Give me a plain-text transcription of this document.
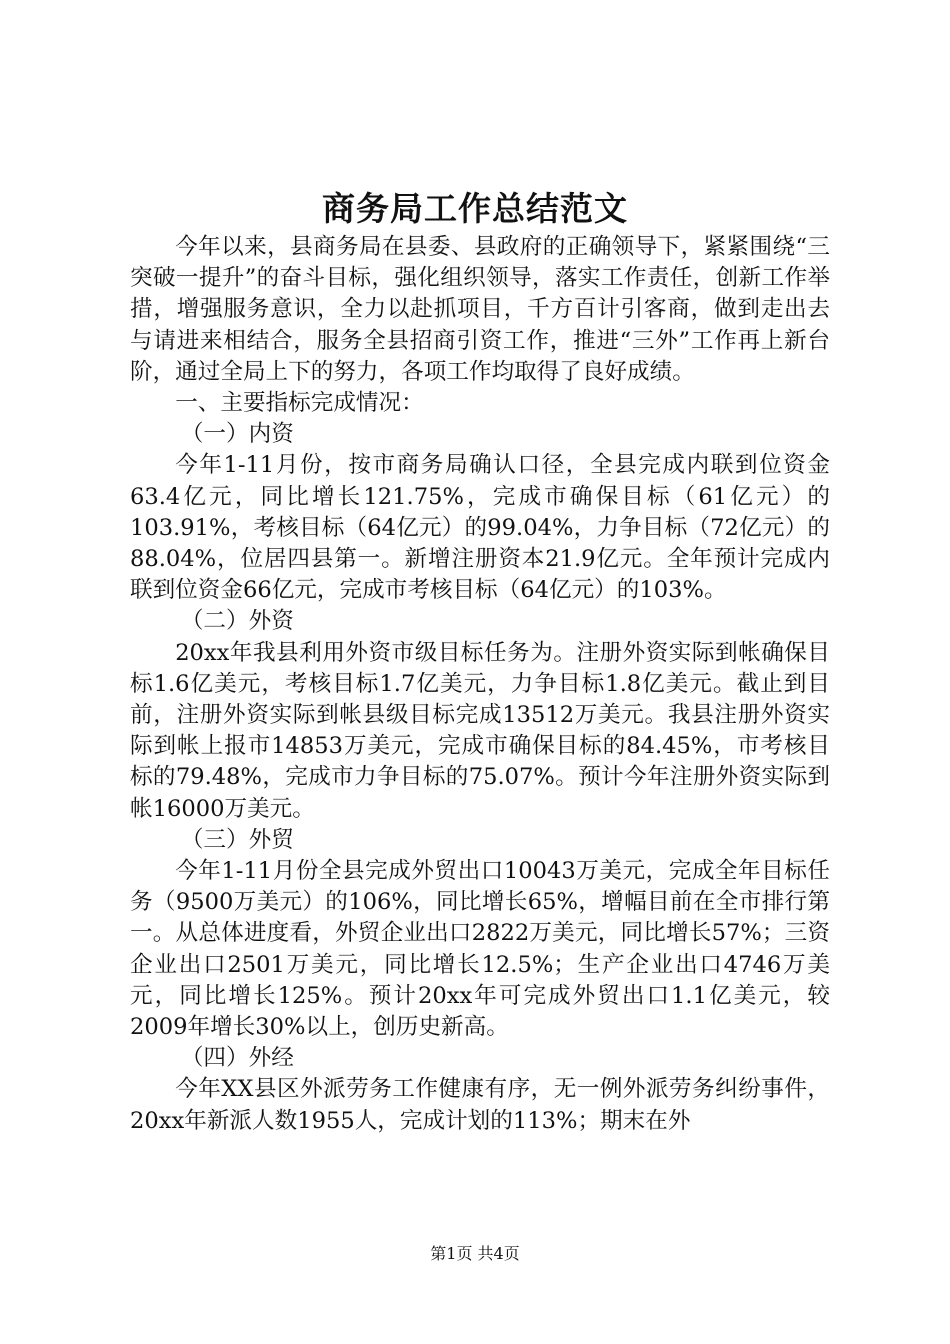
商务局工作总结范文

今年以来，县商务局在县委、县政府的正确领导下，紧紧围绕“三突破一提升”的奋斗目标，强化组织领导，落实工作责任，创新工作举措，增强服务意识，全力以赴抓项目，千方百计引客商，做到走出去与请进来相结合，服务全县招商引资工作，推进“三外”工作再上新台阶，通过全局上下的努力，各项工作均取得了良好成绩。

一、主要指标完成情况：

（一）内资

今年1-11月份，按市商务局确认口径，全县完成内联到位资金63.4亿元，同比增长121.75%，完成市确保目标（61亿元）的103.91%，考核目标（64亿元）的99.04%，力争目标（72亿元）的88.04%，位居四县第一。新增注册资本21.9亿元。全年预计完成内联到位资金66亿元，完成市考核目标（64亿元）的103%。

（二）外资

20xx年我县利用外资市级目标任务为。注册外资实际到帐确保目标1.6亿美元，考核目标1.7亿美元，力争目标1.8亿美元。截止到目前，注册外资实际到帐县级目标完成13512万美元。我县注册外资实际到帐上报市14853万美元，完成市确保目标的84.45%，市考核目标的79.48%，完成市力争目标的75.07%。预计今年注册外资实际到帐16000万美元。

（三）外贸

今年1-11月份全县完成外贸出口10043万美元，完成全年目标任务（9500万美元）的106%，同比增长65%，增幅目前在全市排行第一。从总体进度看，外贸企业出口2822万美元，同比增长57%；三资企业出口2501万美元，同比增长12.5%；生产企业出口4746万美元，同比增长125%。预计20xx年可完成外贸出口1.1亿美元，较2009年增长30%以上，创历史新高。

（四）外经

今年XX县区外派劳务工作健康有序，无一例外派劳务纠纷事件，20xx年新派人数1955人，完成计划的113%；期末在外

第1页 共4页
